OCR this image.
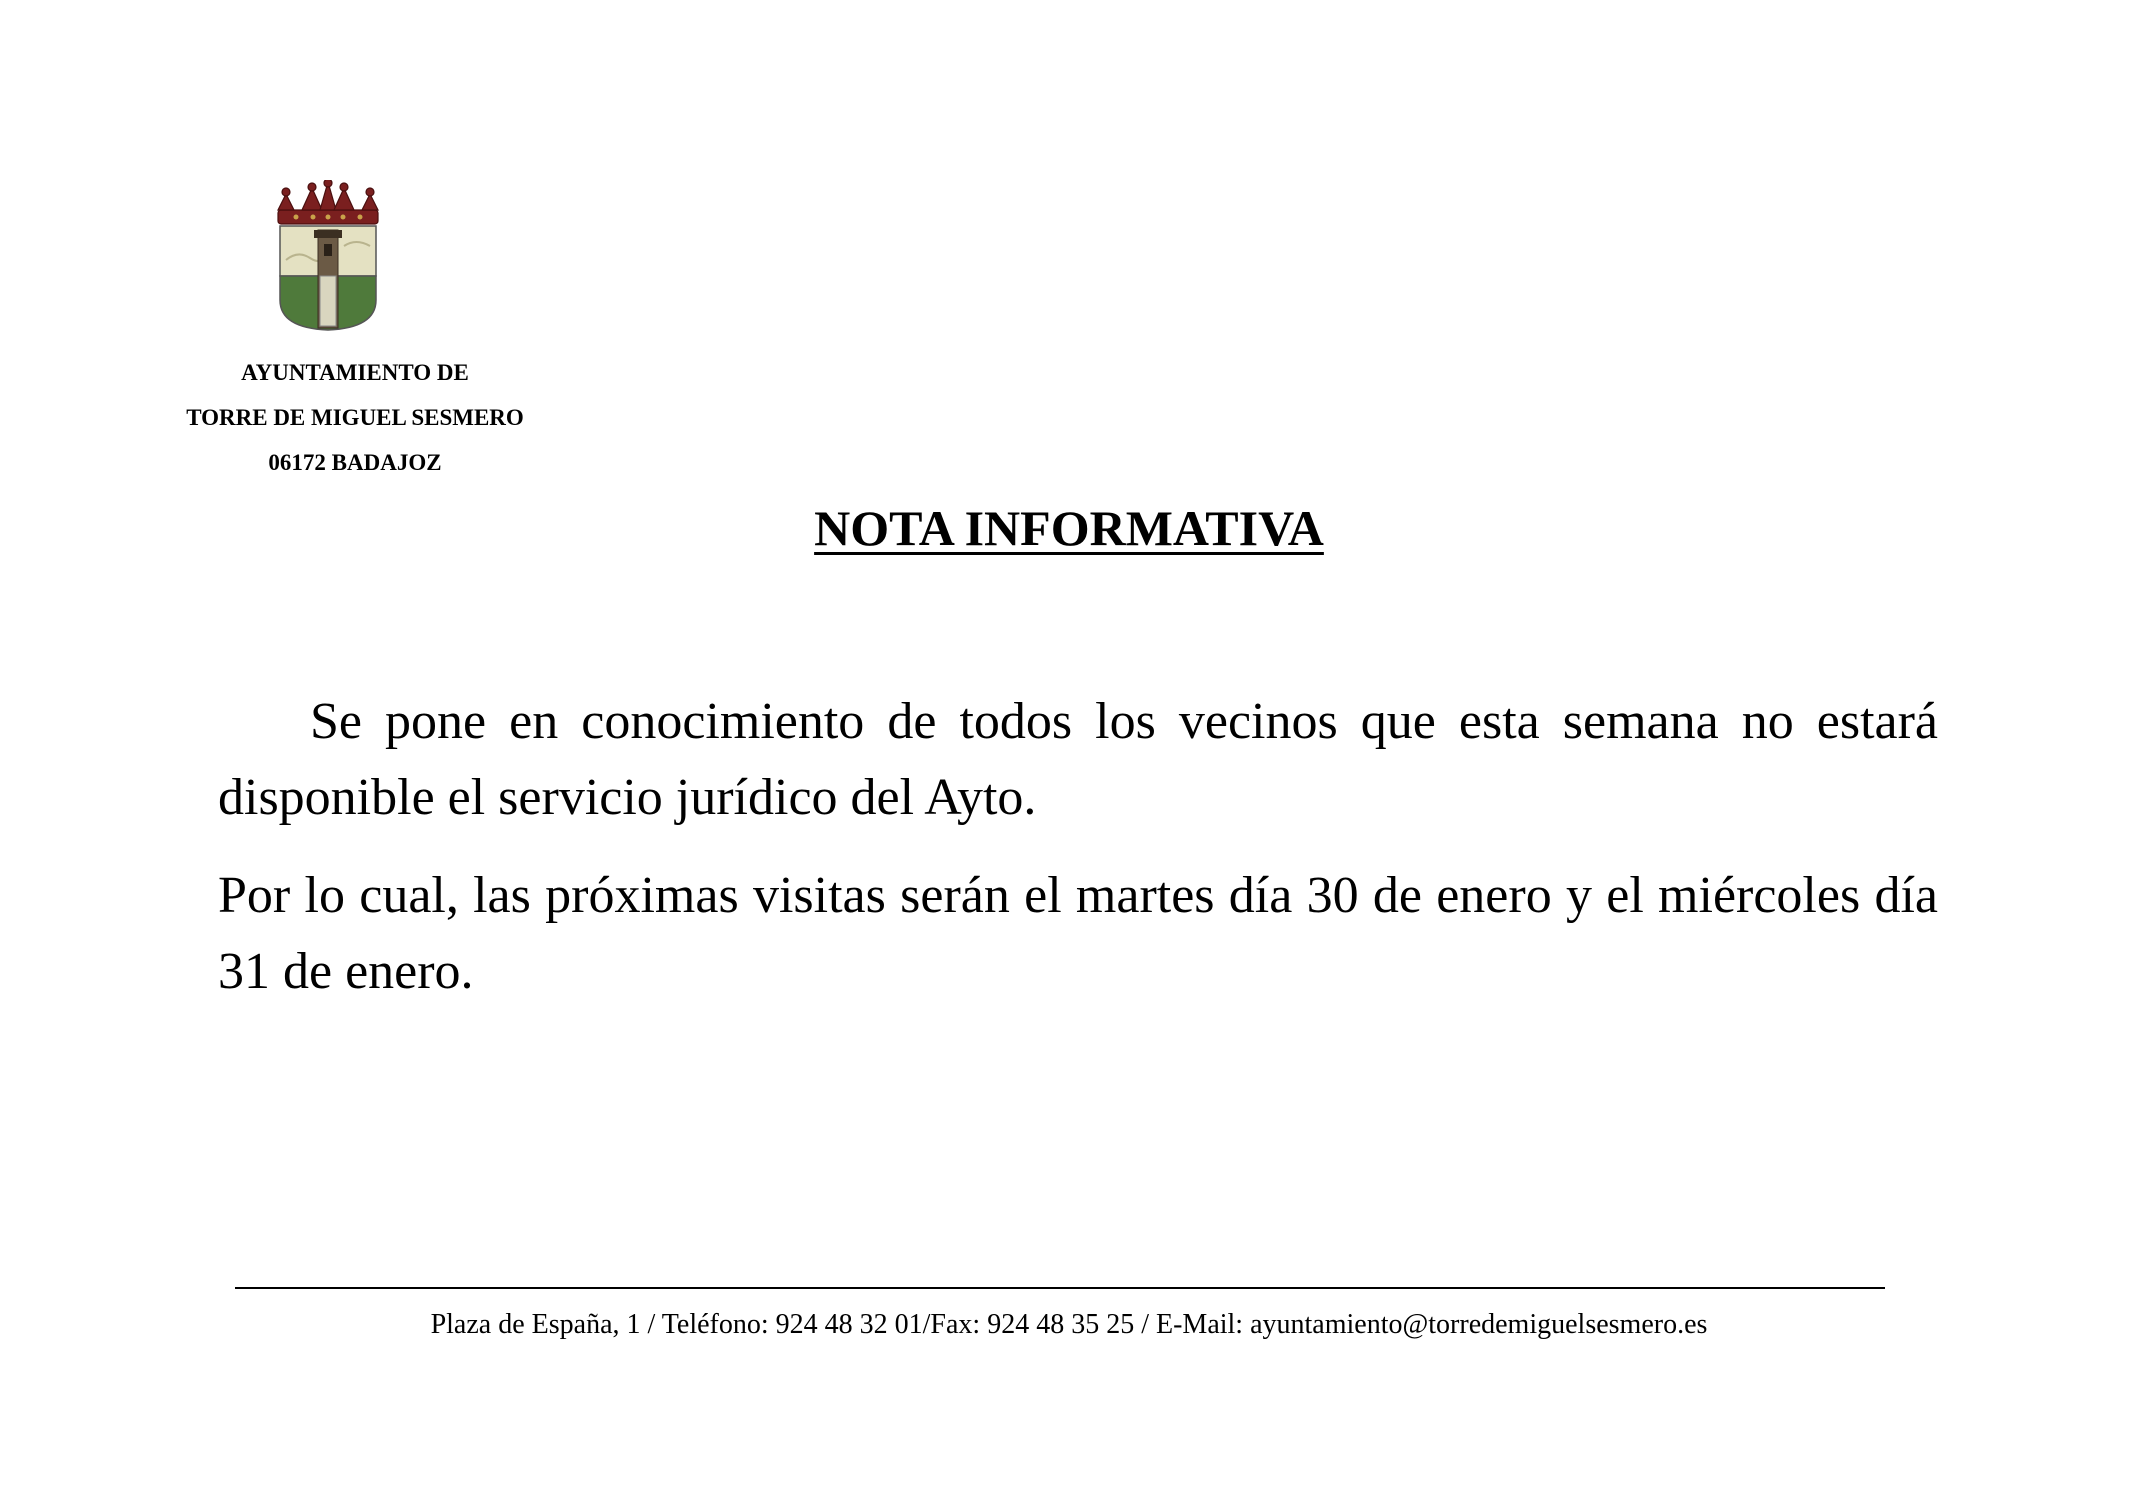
AYUNTAMIENTO DE
TORRE DE MIGUEL SESMERO
06172 BADAJOZ
NOTA INFORMATIVA

Se pone en conocimiento de todos los vecinos que esta semana no estará disponible el servicio jurídico del Ayto.

Por lo cual, las próximas visitas serán el martes día 30 de enero y el miércoles día 31 de enero.

Plaza de España, 1 / Teléfono: 924 48 32 01/Fax: 924 48 35 25 / E-Mail: ayuntamiento@torredemiguelsesmero.es
